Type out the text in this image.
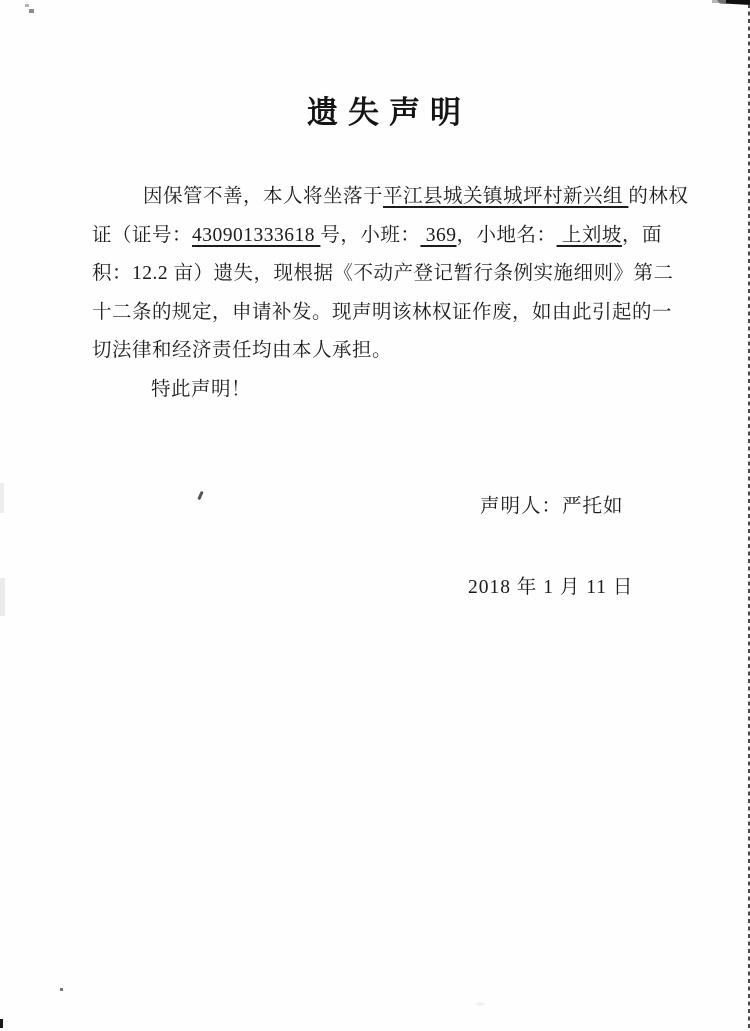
遗失声明

因保管不善，本人将坐落于平江县城关镇城坪村新兴组 的林权

证（证号：430901333618 号，小班： 369，小地名： 上刘坡，面

积：12.2 亩）遗失，现根据《不动产登记暂行条例实施细则》第二

十二条的规定，申请补发。现声明该林权证作废，如由此引起的一

切法律和经济责任均由本人承担。

特此声明！

声明人：严托如
2018 年 1 月 11 日
